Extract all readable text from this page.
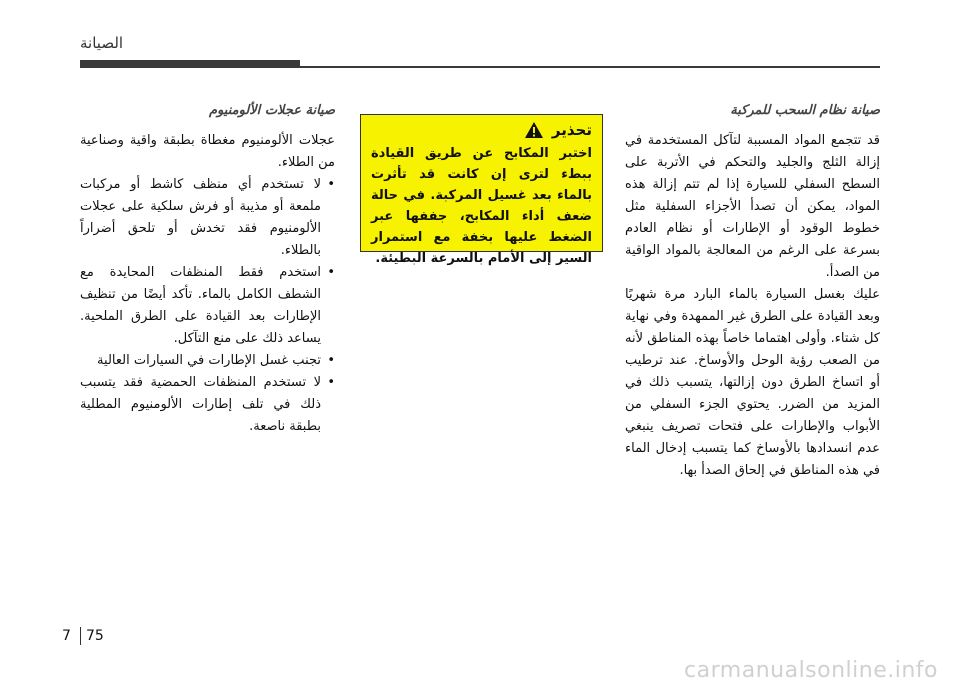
الصيانة
صيانة نظام السحب للمركبة

قد تتجمع المواد المسببة لتآكل المستخدمة في إزالة الثلج والجليد والتحكم في الأتربة على السطح السفلي للسيارة إذا لم تتم إزالة هذه المواد، يمكن أن تصدأ الأجزاء السفلية مثل خطوط الوقود أو الإطارات أو نظام العادم بسرعة على الرغم من المعالجة بالمواد الواقية من الصدأ.

عليك بغسل السيارة بالماء البارد مرة شهريًا وبعد القيادة على الطرق غير الممهدة وفي نهاية كل شتاء. وأولى اهتماما خاصاً بهذه المناطق لأنه من الصعب رؤية الوحل والأوساخ. عند ترطيب أو اتساخ الطرق دون إزالتها، يتسبب ذلك في المزيد من الضرر. يحتوي الجزء السفلي من الأبواب والإطارات على فتحات تصريف ينبغي عدم انسدادها بالأوساخ كما يتسبب إدخال الماء في هذه المناطق في إلحاق الصدأ بها.

تحذير

اختبر المكابح عن طريق القيادة ببطء لترى إن كانت قد تأثرت بالماء بعد غسيل المركبة. في حالة ضعف أداء المكابح، جففها عبر الضغط عليها بخفة مع استمرار السير إلى الأمام بالسرعة البطيئة.

صيانة عجلات الألومنيوم

عجلات الألومنيوم مغطاة بطبقة واقية وصناعية من الطلاء.

• لا تستخدم أي منظف كاشط أو مركبات ملمعة أو مذيبة أو فرش سلكية على عجلات الألومنيوم فقد تخدش أو تلحق أضراراً بالطلاء.
• استخدم فقط المنظفات المحايدة مع الشطف الكامل بالماء. تأكد أيضًا من تنظيف الإطارات بعد القيادة على الطرق الملحية. يساعد ذلك على منع التآكل.
• تجنب غسل الإطارات في السيارات العالية
• لا تستخدم المنظفات الحمضية فقد يتسبب ذلك في تلف إطارات الألومنيوم المطلية بطبقة ناصعة.
7 75
carmanualsonline.info
